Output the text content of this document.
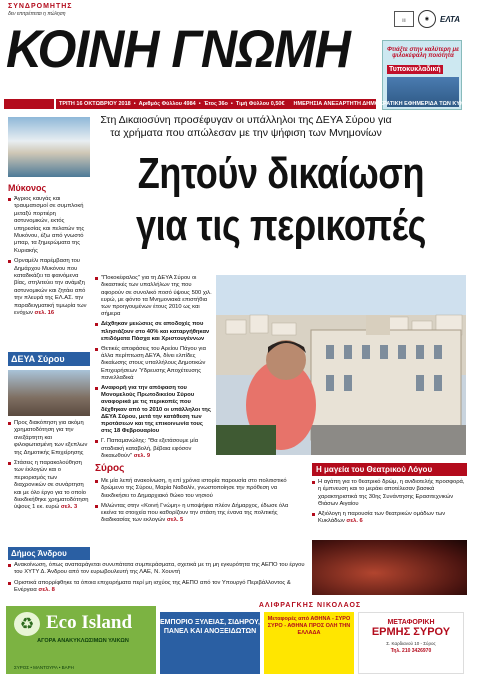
ΣΥΝΔΡΟΜΗΤΗΣ
δεν επιτρέπεται η πώληση
ΚΟΙΝΗ ΓΝΩΜΗ
|||	◉	ΕΛΤΑ
Φτιάξτε στην καλύτερη με ψιλοκέφαλη ποιότητα
Τυποκυκλαδική
ΤΡΙΤΗ 16 ΟΚΤΩΒΡΙΟΥ 2018 • Αριθμός Φύλλου 4984 • Έτος 36ο • Τιμή Φύλλου 0,50€ ΗΜΕΡΗΣΙΑ ΑΝΕΞΑΡΤΗΤΗ ΔΗΜΟΚΡΑΤΙΚΗ ΕΦΗΜΕΡΙΔΑ ΤΩΝ ΚΥΚΛΑΔΩΝ
Μύκονος
Άγριος καυγάς και τραυματισμοί σε συμπλοκή μεταξύ πορτιέρη αστυνομικών, εκτός υπηρεσίας και πελατών της Μυκόνου, έξω από γνωστό μπαρ, τα ξημερώματα της Κυριακής
Ορναμέλι παρέμβαση του Δημάρχου Μυκόνου που καταδικάζει τα φαινόμενα βίας, στηλιτεύει την ανάμιξη αστυνομικών και ζητάει από την πλευρά της ΕΛ.ΑΣ. την παραδειγματική τιμωρία των ενόχων σελ. 16
ΔΕΥΑ Σύρου
Προς διακόπηση για ακόμη χρηματοδότηση για την ανεξάρτητη και φιλοφωτισμένη των εξεπλων της Δημοτικής Επιχείρησης
Στάσεις η παρακολούθηση των έκλογών και ο περιορισμός των διαχρονικών σε συνάρτηση και με όλο έργο για το οποίο διεκδικήθηκε χρηματοδότηση ύψους 1 εκ. ευρώ σελ. 3
Στη Δικαιοσύνη προσέφυγαν οι υπάλληλοι της ΔΕΥΑ Σύρου για τα χρήματα που απώλεσαν με την ψήφιση των Μνημονίων
Ζητούν δικαίωση
για τις περικοπές
"Ποκοκέφαλος" για τη ΔΕΥΑ Σύρου οι δικαστικές των υπαλλήλων της που αφορούν σε συνολικό ποσό ύψους 500 χιλ. ευρώ, με φόντο τα Μνημονιακά επιστήθια των προηγουμένων έτους 2010 ως και σήμερα
Δέχθηκαν μειώσεις σε αποδοχές που πλησιάζουν στο 40% και καταργήθηκαν επιδόματα Πάσχα και Χριστουγέννων
Θετικές αποφάσεις του Αρείου Πάγου για άλλα περίπτωση ΔΕΥΑ, δίνει ελπίδες δικαίωσης στους υπαλλήλους Δημοτικών Επιχειρήσεων Ύδρευσης Αποχέτευσης πανελλαδικά
Αναφορή για την απόφαση του Μονομελούς Πρωτοδικείου Σύρου αναφορικά με τις περικοπές που δέχθηκαν από το 2010 οι υπάλληλοι της ΔΕΥΑ Σύρου, μετά την κατάθεση των προτάσεων και της επικοινωνία τους στις 18 Φεβρουαρίου
Γ. Παπαμανώλης: "Θα εξετάσουμε μία σταδιακή καταβολή, βέβαια εφόσον δικαιωθούν" σελ. 9
Σύρος
Με μία λεπή ανακοίνωση, η επί χρόνια ιστορία παρουσία στο πολιτιστικό δρώμενο της Σύρου, Μαρία Ναδαλίν, γνωστοποίησε την πρόθεση να διεκδικήσει το Δημαρχιακό θώκο του νησιού
Μιλώντας στην «Κοινή Γνώμη» η υποψήφια πλέον Δήμαρχος, έδωσε όλα εκείνα τα στοιχεία που καθορίζουν την στάση της ένανα της πολιτικής διαδικασίας των εκλογών σελ. 5
Η μαγεία του Θεατρικού Λόγου
Η αγάπη για το θεατρικό δρώμ, η ανιδιοτελής προσφορά, η έμπνευση και το μεράκι αποτέλεσαν βασικά χαρακτηριστικά της 30ης Συνάντησης Ερασιτεχνικών Θιάσων Αιγαίου
Αξιόλογη η παρουσία των θεατρικών ομάδων των Κυκλάδων σελ. 6
Δήμος Άνδρου
Ανακοίνωση, όπως αναπαράγεται συνυπάτατα συμπεράσματα, σχετικά με τη μη εγκυρότητα της ΑΕΠΟ του έργου του ΧΥΤΥ Δ. Άνδρου από τον ευρωβουλευτή της ΛΑΕ, Ν. Χουντή
Οριστικά απορρίφθηκε τα όποια επιχειρήματα περί μη ισχύος της ΑΕΠΟ από τον Υπουργό Περιβάλλοντος & Ενέργεια σελ. 8
♻ Eco Island
ΑΓΟΡΑ ΑΝΑΚΥΚΛΩΣΙΜΩΝ ΥΛΙΚΩΝ
ΣΥΡΟΣ • ΜΑΝΤΟΥΡΑ • ΒΑΡΗ
ΑΛΙΦΡΑΓΚΗΣ ΝΙΚΟΛΑΟΣ
ΕΜΠΟΡΙΟ ΞΥΛΕΙΑΣ, ΣΙΔΗΡΟΥ, ΠΑΝΕΛ ΚΑΙ ΑΝΟΞΕΙΔΩΤΩΝ
Μεταφορές από ΑΘΗΝΑ - ΣΥΡΟ ΣΥΡΟ - ΑΘΗΝΑ ΠΡΟΣ ΟΛΗ ΤΗΝ ΕΛΛΑΔΑ
ΜΕΤΑΦΟΡΙΚΗ
ΕΡΜΗΣ ΣΥΡΟΥ
Σ. Καρδιανού 10 - Σύρος
Τηλ. 210 3426970
